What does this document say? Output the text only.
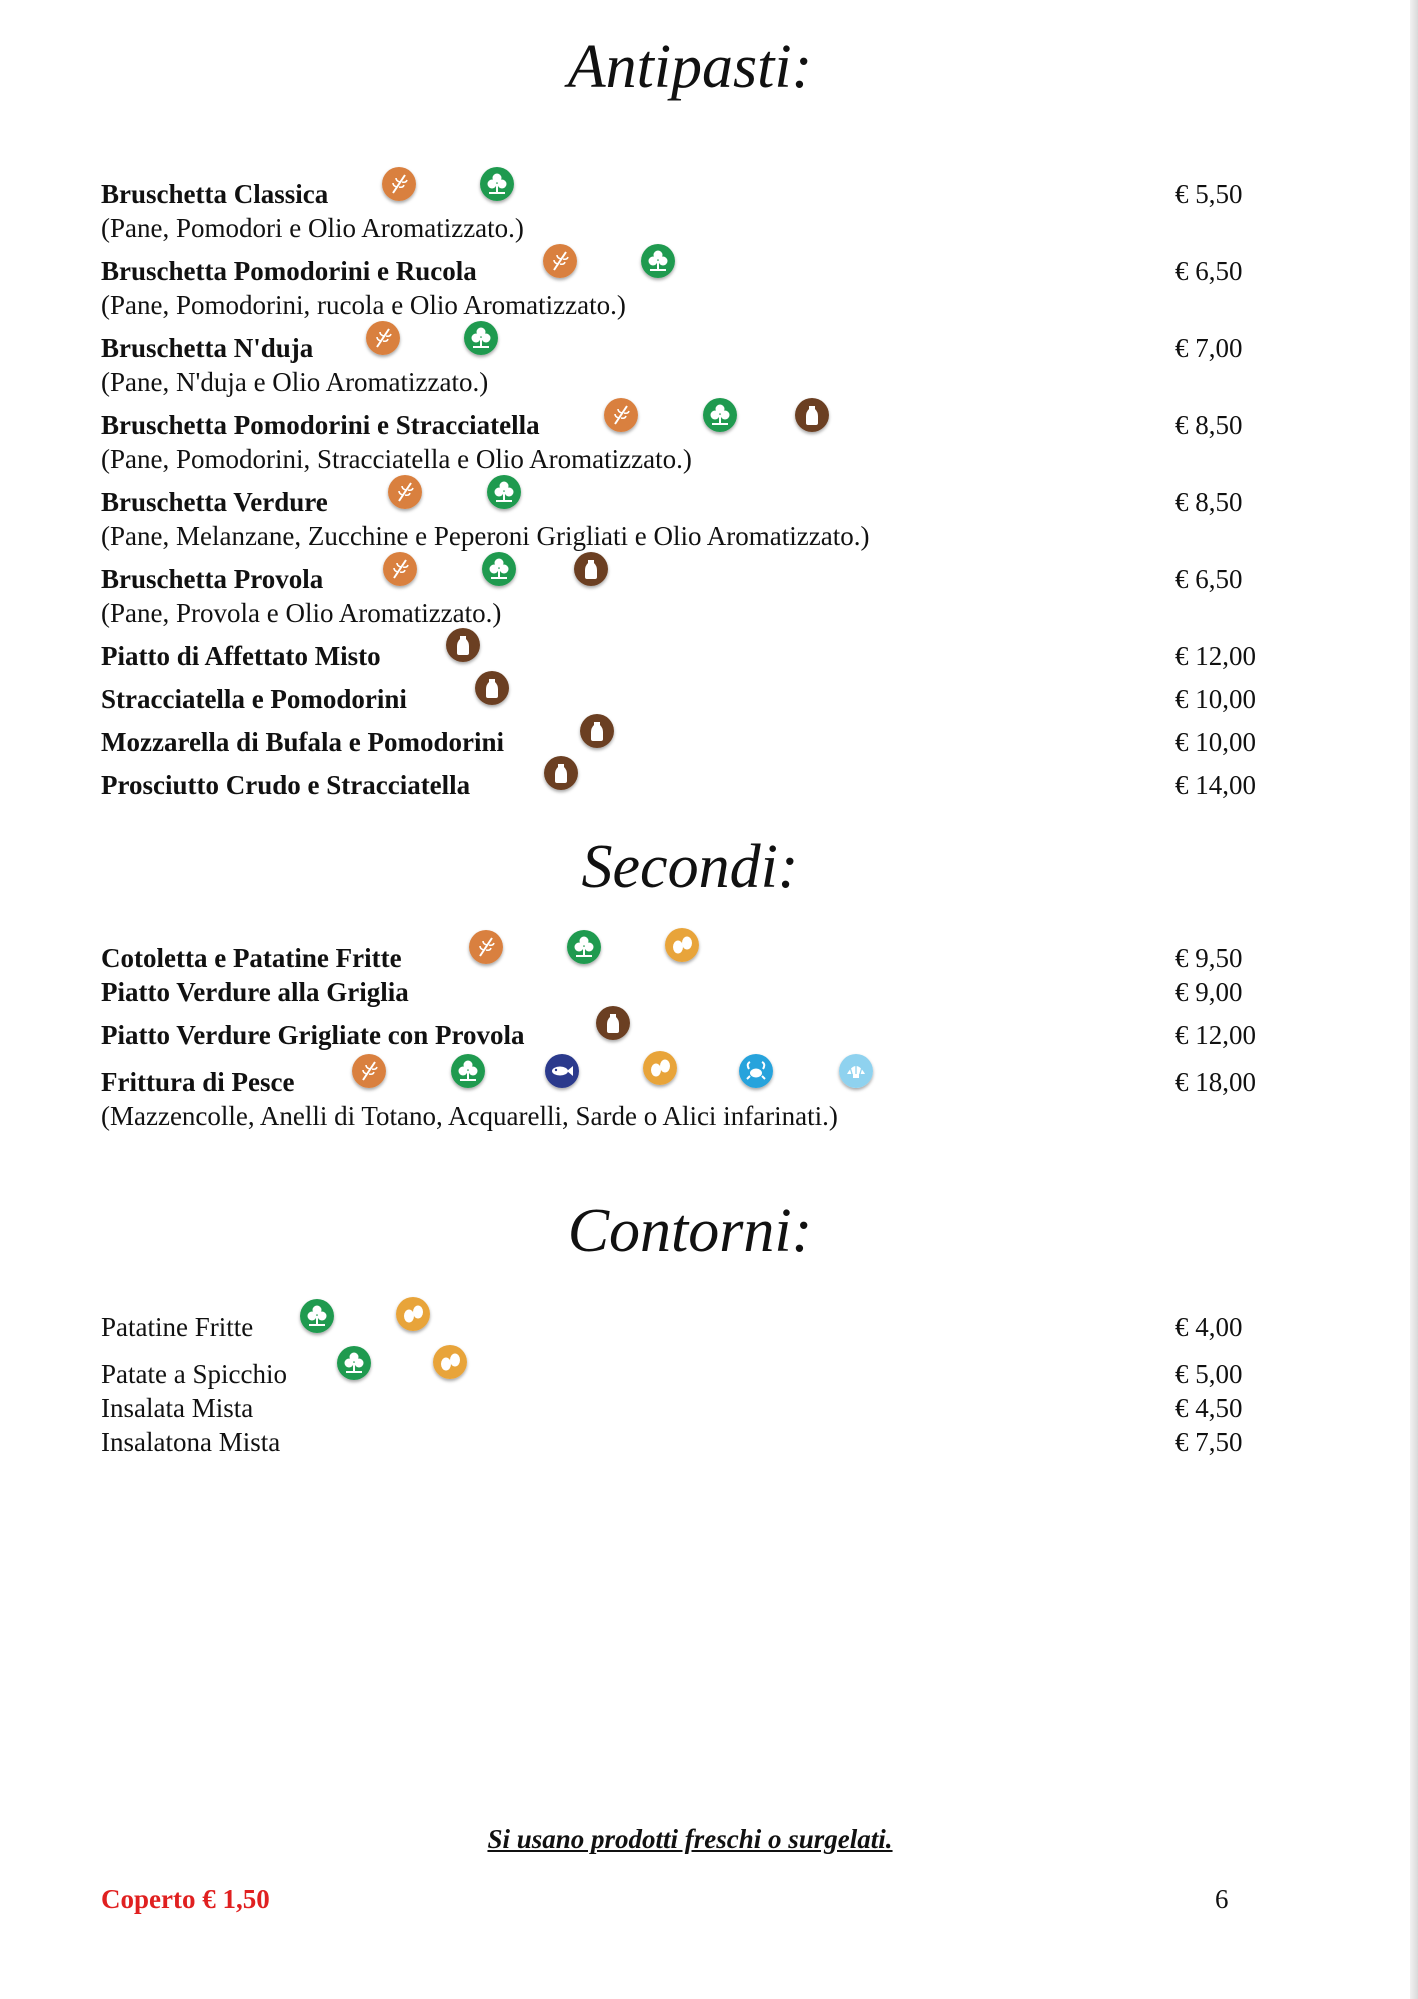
Antipasti:
Bruschetta Classica	€ 5,50
(Pane, Pomodori e Olio Aromatizzato.)
Bruschetta Pomodorini e Rucola	€ 6,50
(Pane, Pomodorini, rucola e Olio Aromatizzato.)
Bruschetta N'duja	€ 7,00
(Pane, N'duja e Olio Aromatizzato.)
Bruschetta Pomodorini e Stracciatella	€ 8,50
(Pane, Pomodorini, Stracciatella e Olio Aromatizzato.)
Bruschetta Verdure	€ 8,50
(Pane, Melanzane, Zucchine e Peperoni Grigliati e Olio Aromatizzato.)
Bruschetta Provola	€ 6,50
(Pane, Provola e Olio Aromatizzato.)
Piatto di Affettato Misto	€ 12,00
Stracciatella e Pomodorini	€ 10,00
Mozzarella di Bufala e Pomodorini	€ 10,00
Prosciutto Crudo e Stracciatella	€ 14,00
Secondi:
Cotoletta e Patatine Fritte	€ 9,50
Piatto Verdure alla Griglia	€ 9,00
Piatto Verdure Grigliate con Provola	€ 12,00
Frittura di Pesce	€ 18,00
(Mazzencolle, Anelli di Totano, Acquarelli, Sarde o Alici infarinati.)
Contorni:
Patatine Fritte	€ 4,00
Patate a Spicchio	€ 5,00
Insalata Mista	€ 4,50
Insalatona Mista	€ 7,50
Si usano prodotti freschi o surgelati.
Coperto € 1,50	6
